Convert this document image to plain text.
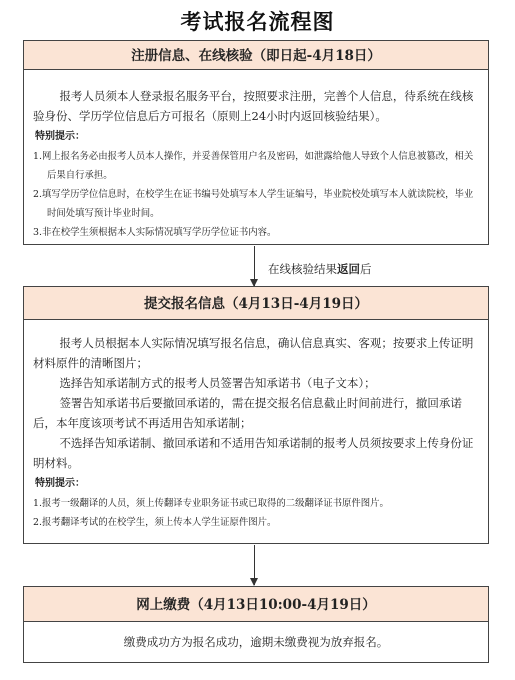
考试报名流程图
注册信息、在线核验（即日起-4月18日）

报考人员须本人登录报名服务平台，按照要求注册，完善个人信息，待系统在线核验身份、学历学位信息后方可报名（原则上24小时内返回核验结果）。

特别提示：

1.网上报名务必由报考人员本人操作，并妥善保管用户名及密码，如泄露给他人导致个人信息被篡改，相关后果自行承担。

2.填写学历学位信息时，在校学生在证书编号处填写本人学生证编号，毕业院校处填写本人就读院校，毕业时间处填写预计毕业时间。

3.非在校学生须根据本人实际情况填写学历学位证书内容。

在线核验结果返回后
提交报名信息（4月13日-4月19日）

报考人员根据本人实际情况填写报名信息，确认信息真实、客观；按要求上传证明材料原件的清晰图片；

选择告知承诺制方式的报考人员签署告知承诺书（电子文本）；

签署告知承诺书后要撤回承诺的，需在提交报名信息截止时间前进行，撤回承诺后，本年度该项考试不再适用告知承诺制；

不选择告知承诺制、撤回承诺和不适用告知承诺制的报考人员须按要求上传身份证明材料。

特别提示：

1.报考一级翻译的人员，须上传翻译专业职务证书或已取得的二级翻译证书原件图片。

2.报考翻译考试的在校学生，须上传本人学生证原件图片。

网上缴费（4月13日10:00-4月19日）
缴费成功方为报名成功，逾期未缴费视为放弃报名。
